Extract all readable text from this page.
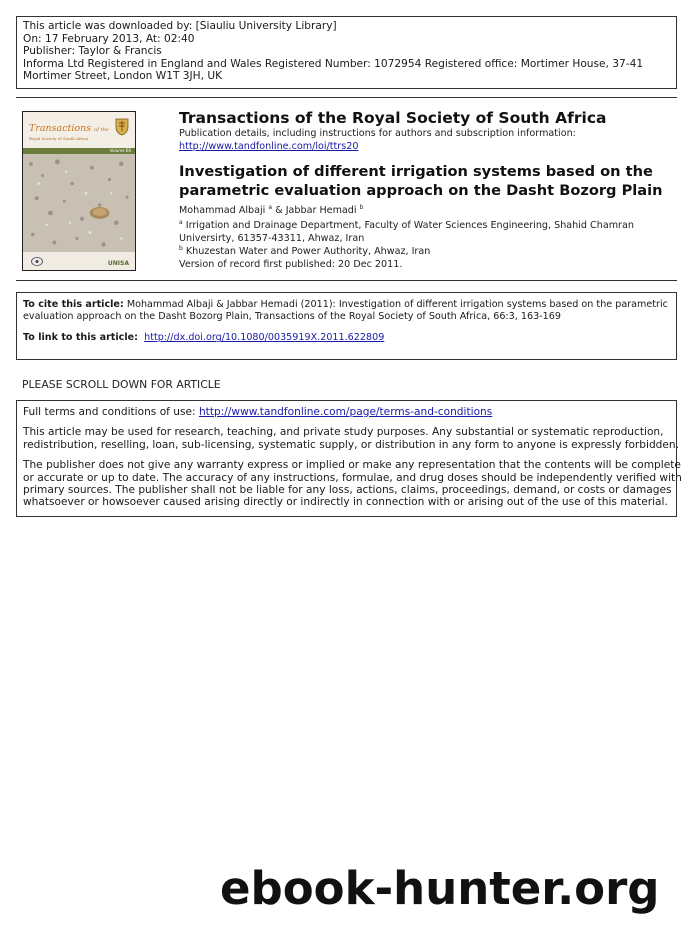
This article was downloaded by: [Siauliu University Library]
On: 17 February 2013, At: 02:40
Publisher: Taylor & Francis
Informa Ltd Registered in England and Wales Registered Number: 1072954 Registered office: Mortimer House, 37-41
Mortimer Street, London W1T 3JH, UK
Transactions of the
Royal Society of South Africa
Volume 66
UNISA
Transactions of the Royal Society of South Africa
Publication details, including instructions for authors and subscription information:
http://www.tandfonline.com/loi/ttrs20
Investigation of different irrigation systems based on the
parametric evaluation approach on the Dasht Bozorg Plain
Mohammad Albaji $^a$ & Jabbar Hemadi $^b$
$^a$ Irrigation and Drainage Department, Faculty of Water Sciences Engineering, Shahid Chamran
Universirty, 61357-43311, Ahwaz, Iran
$^b$ Khuzestan Water and Power Authority, Ahwaz, Iran
Version of record first published: 20 Dec 2011.
To cite this article: Mohammad Albaji & Jabbar Hemadi (2011): Investigation of different irrigation systems based on the parametric
evaluation approach on the Dasht Bozorg Plain, Transactions of the Royal Society of South Africa, 66:3, 163-169
To link to this article: http://dx.doi.org/10.1080/0035919X.2011.622809
PLEASE SCROLL DOWN FOR ARTICLE
Full terms and conditions of use: http://www.tandfonline.com/page/terms-and-conditions
This article may be used for research, teaching, and private study purposes. Any substantial or systematic reproduction,
redistribution, reselling, loan, sub-licensing, systematic supply, or distribution in any form to anyone is expressly forbidden.
The publisher does not give any warranty express or implied or make any representation that the contents will be complete
or accurate or up to date. The accuracy of any instructions, formulae, and drug doses should be independently verified with
primary sources. The publisher shall not be liable for any loss, actions, claims, proceedings, demand, or costs or damages
whatsoever or howsoever caused arising directly or indirectly in connection with or arising out of the use of this material.
ebook-hunter.org
